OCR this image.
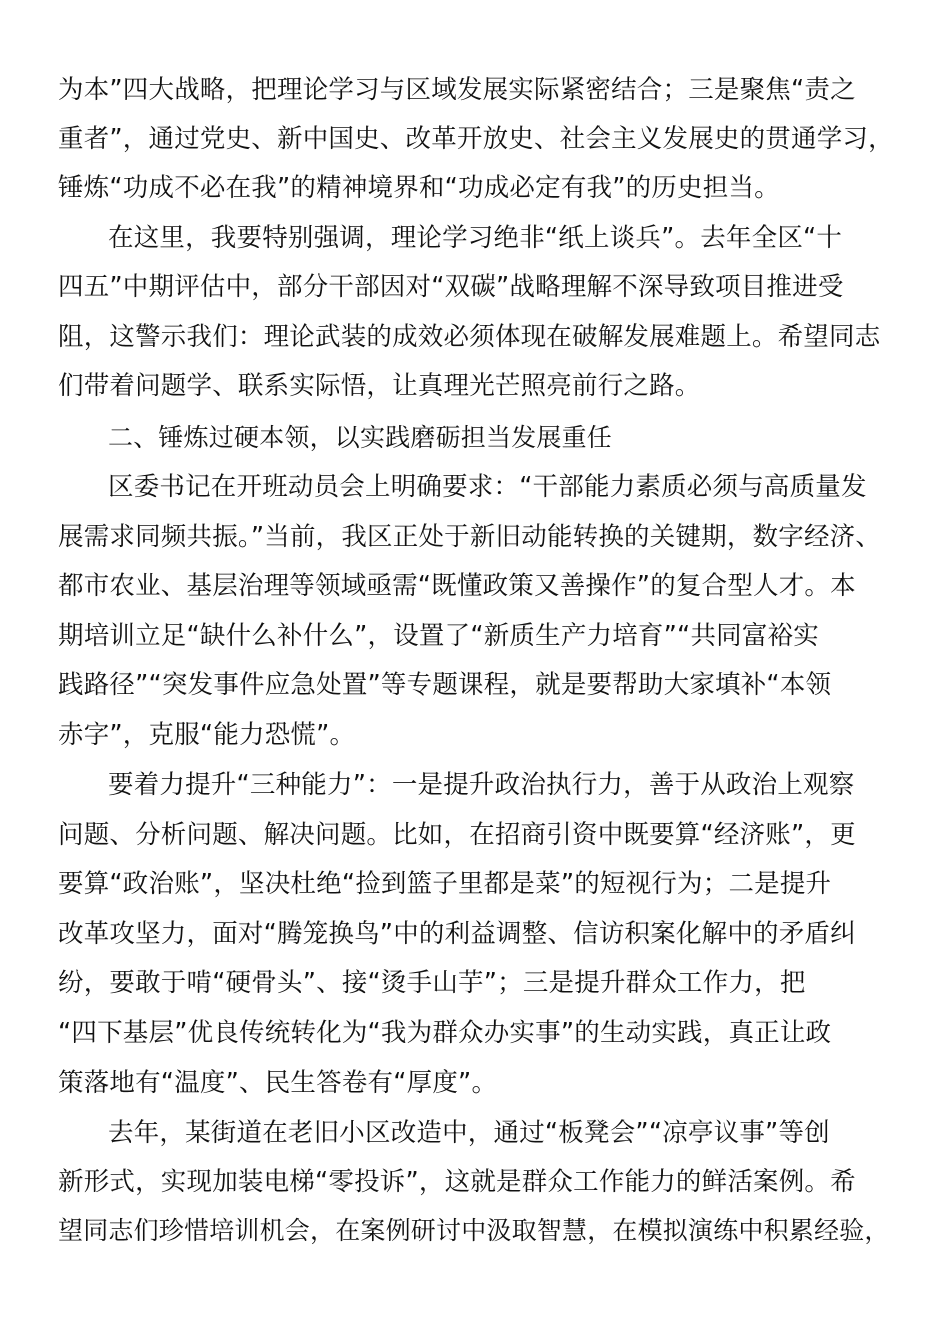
为本”四大战略，把理论学习与区域发展实际紧密结合；三是聚焦“责之
重者”，通过党史、新中国史、改革开放史、社会主义发展史的贯通学习，
锤炼“功成不必在我”的精神境界和“功成必定有我”的历史担当。
在这里，我要特别强调，理论学习绝非“纸上谈兵”。去年全区“十
四五”中期评估中，部分干部因对“双碳”战略理解不深导致项目推进受
阻，这警示我们：理论武装的成效必须体现在破解发展难题上。希望同志
们带着问题学、联系实际悟，让真理光芒照亮前行之路。
二、锤炼过硬本领，以实践磨砺担当发展重任
区委书记在开班动员会上明确要求：“干部能力素质必须与高质量发
展需求同频共振。”当前，我区正处于新旧动能转换的关键期，数字经济、
都市农业、基层治理等领域亟需“既懂政策又善操作”的复合型人才。本
期培训立足“缺什么补什么”，设置了“新质生产力培育”“共同富裕实
践路径”“突发事件应急处置”等专题课程，就是要帮助大家填补“本领
赤字”，克服“能力恐慌”。
要着力提升“三种能力”：一是提升政治执行力，善于从政治上观察
问题、分析问题、解决问题。比如，在招商引资中既要算“经济账”，更
要算“政治账”，坚决杜绝“捡到篮子里都是菜”的短视行为；二是提升
改革攻坚力，面对“腾笼换鸟”中的利益调整、信访积案化解中的矛盾纠
纷，要敢于啃“硬骨头”、接“烫手山芋”；三是提升群众工作力，把
“四下基层”优良传统转化为“我为群众办实事”的生动实践，真正让政
策落地有“温度”、民生答卷有“厚度”。
去年，某街道在老旧小区改造中，通过“板凳会”“凉亭议事”等创
新形式，实现加装电梯“零投诉”，这就是群众工作能力的鲜活案例。希
望同志们珍惜培训机会，在案例研讨中汲取智慧，在模拟演练中积累经验，
